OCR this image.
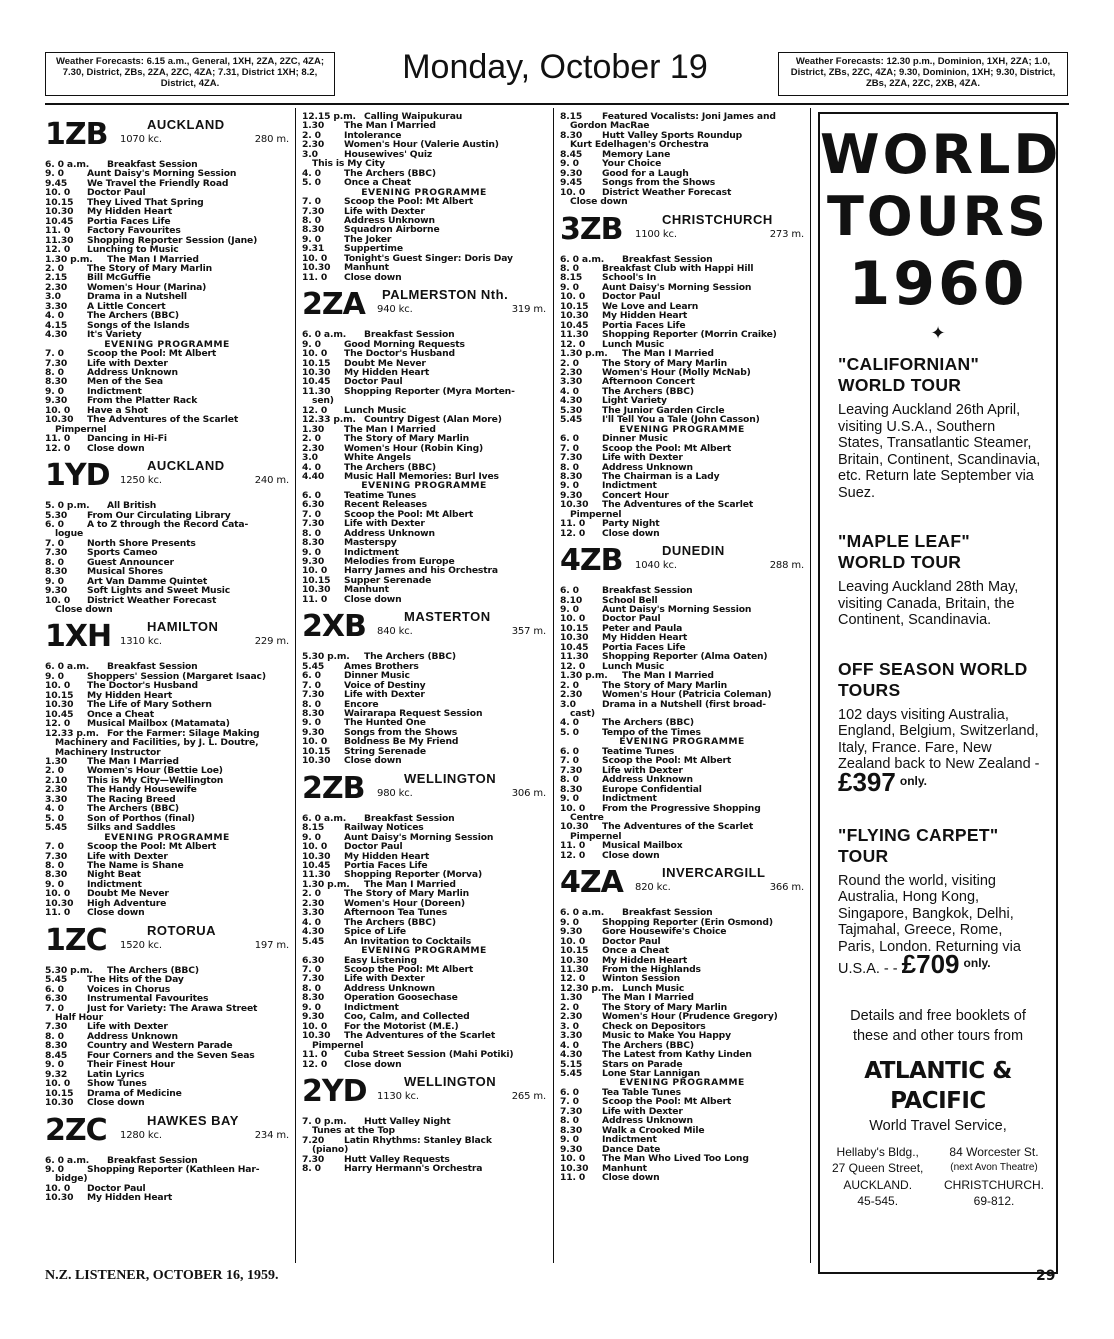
Weather Forecasts: 6.15 a.m., General, 1XH, 2ZA, 2ZC, 4ZA; 7.30, District, ZBs, 2ZA, 2ZC, 4ZA; 7.31, District 1XH; 8.2, District, 4ZA.	Monday, October 19	Weather Forecasts: 12.30 p.m., Dominion, 1XH, 2ZA; 1.0, District, ZBs, 2ZC, 4ZA; 9.30, Dominion, 1XH; 9.30, District, ZBs, 2ZA, 2ZC, 2XB, 4ZA.
1ZB	AUCKLAND
1070 kc.	280 m.
6. 0 a.m.	Breakfast Session
9. 0	Aunt Daisy's Morning Session
9.45	We Travel the Friendly Road
10. 0	Doctor Paul
10.15	They Lived That Spring
10.30	My Hidden Heart
10.45	Portia Faces Life
11. 0	Factory Favourites
11.30	Shopping Reporter Session (Jane)
12. 0	Lunching to Music
1.30 p.m.	The Man I Married
2. 0	The Story of Mary Marlin
2.15	Bill McGuffie
2.30	Women's Hour (Marina)
3.0	Drama in a Nutshell
3.30	A Little Concert
4. 0	The Archers (BBC)
4.15	Songs of the Islands
4.30	It's Variety
EVENING PROGRAMME
7. 0	Scoop the Pool: Mt Albert
7.30	Life with Dexter
8. 0	Address Unknown
8.30	Men of the Sea
9. 0	Indictment
9.30	From the Platter Rack
10. 0	Have a Shot
10.30	The Adventures of the Scarlet
Pimpernel
11. 0	Dancing in Hi-Fi
12. 0	Close down
1YD	AUCKLAND
1250 kc.	240 m.
5. 0 p.m.	All British
5.30	From Our Circulating Library
6. 0	A to Z through the Record Cata-
logue
7. 0	North Shore Presents
7.30	Sports Cameo
8. 0	Guest Announcer
8.30	Musical Shores
9. 0	Art Van Damme Quintet
9.30	Soft Lights and Sweet Music
10. 0	District Weather Forecast
Close down
1XH	HAMILTON
1310 kc.	229 m.
6. 0 a.m.	Breakfast Session
9. 0	Shoppers' Session (Margaret Isaac)
10. 0	The Doctor's Husband
10.15	My Hidden Heart
10.30	The Life of Mary Sothern
10.45	Once a Cheat
12. 0	Musical Mailbox (Matamata)
12.33 p.m. For the Farmer: Silage Making
Machinery and Facilities, by J. L. Doutre,
Machinery Instructor
1.30	The Man I Married
2. 0	Women's Hour (Bettie Loe)
2.10	This is My City—Wellington
2.30	The Handy Housewife
3.30	The Racing Breed
4. 0	The Archers (BBC)
5. 0	Son of Porthos (final)
5.45	Silks and Saddles
EVENING PROGRAMME
7. 0	Scoop the Pool: Mt Albert
7.30	Life with Dexter
8. 0	The Name is Shane
8.30	Night Beat
9. 0	Indictment
10. 0	Doubt Me Never
10.30	High Adventure
11. 0	Close down
1ZC	ROTORUA
1520 kc.	197 m.
5.30 p.m.	The Archers (BBC)
5.45	The Hits of the Day
6. 0	Voices in Chorus
6.30	Instrumental Favourites
7. 0	Just for Variety: The Arawa Street
Half Hour
7.30	Life with Dexter
8. 0	Address Unknown
8.30	Country and Western Parade
8.45	Four Corners and the Seven Seas
9. 0	Their Finest Hour
9.32	Latin Lyrics
10. 0	Show Tunes
10.15	Drama of Medicine
10.30	Close down
2ZC	HAWKES BAY
1280 kc.	234 m.
6. 0 a.m.	Breakfast Session
9. 0	Shopping Reporter (Kathleen Har-
bidge)
10. 0	Doctor Paul
10.30	My Hidden Heart
12.15 p.m. Calling Waipukurau
1.30	The Man I Married
2. 0	Intolerance
2.30	Women's Hour (Valerie Austin)
3.0	Housewives' Quiz
This is My City
4. 0	The Archers (BBC)
5. 0	Once a Cheat
EVENING PROGRAMME
7. 0	Scoop the Pool: Mt Albert
7.30	Life with Dexter
8. 0	Address Unknown
8.30	Squadron Airborne
9. 0	The Joker
9.31	Suppertime
10. 0	Tonight's Guest Singer: Doris Day
10.30	Manhunt
11. 0	Close down
2ZA PALMERSTON Nth.
940 kc.	319 m.
6. 0 a.m.	Breakfast Session
9. 0	Good Morning Requests
10. 0	The Doctor's Husband
10.15	Doubt Me Never
10.30	My Hidden Heart
10.45	Doctor Paul
11.30	Shopping Reporter (Myra Morten-
sen)
12. 0	Lunch Music
12.33 p.m. Country Digest (Alan More)
1.30	The Man I Married
2. 0	The Story of Mary Marlin
2.30	Women's Hour (Robin King)
3.0	White Angels
4. 0	The Archers (BBC)
4.40	Music Hall Memories: Burl Ives
EVENING PROGRAMME
6. 0	Teatime Tunes
6.30	Recent Releases
7. 0	Scoop the Pool: Mt Albert
7.30	Life with Dexter
8. 0	Address Unknown
8.30	Masterspy
9. 0	Indictment
9.30	Melodies from Europe
10. 0	Harry James and his Orchestra
10.15	Supper Serenade
10.30	Manhunt
11. 0	Close down
2XB	MASTERTON
840 kc.	357 m.
5.30 p.m.	The Archers (BBC)
5.45	Ames Brothers
6. 0	Dinner Music
7. 0	Voice of Destiny
7.30	Life with Dexter
8. 0	Encore
8.30	Wairarapa Request Session
9. 0	The Hunted One
9.30	Songs from the Shows
10. 0	Boldness Be My Friend
10.15	String Serenade
10.30	Close down
2ZB	WELLINGTON
980 kc.	306 m.
6. 0 a.m.	Breakfast Session
8.15	Railway Notices
9. 0	Aunt Daisy's Morning Session
10. 0	Doctor Paul
10.30	My Hidden Heart
10.45	Portia Faces Life
11.30	Shopping Reporter (Morva)
1.30 p.m.	The Man I Married
2. 0	The Story of Mary Marlin
2.30	Women's Hour (Doreen)
3.30	Afternoon Tea Tunes
4. 0	The Archers (BBC)
4.30	Spice of Life
5.45	An Invitation to Cocktails
EVENING PROGRAMME
6.30	Easy Listening
7. 0	Scoop the Pool: Mt Albert
7.30	Life with Dexter
8. 0	Address Unknown
8.30	Operation Goosechase
9. 0	Indictment
9.30	Coo, Calm, and Collected
10. 0	For the Motorist (M.E.)
10.30	The Adventures of the Scarlet
Pimpernel
11. 0	Cuba Street Session (Mahi Potiki)
12. 0	Close down
2YD	WELLINGTON
1130 kc.	265 m.
7. 0 p.m.	Hutt Valley Night
Tunes at the Top
7.20	Latin Rhythms: Stanley Black
(piano)
7.30	Hutt Valley Requests
8. 0	Harry Hermann's Orchestra
8.15	Featured Vocalists: Joni James and
Gordon MacRae
8.30	Hutt Valley Sports Roundup
Kurt Edelhagen's Orchestra
8.45	Memory Lane
9. 0	Your Choice
9.30	Good for a Laugh
9.45	Songs from the Shows
10. 0	District Weather Forecast
Close down
3ZB	CHRISTCHURCH
1100 kc.	273 m.
6. 0 a.m.	Breakfast Session
8. 0	Breakfast Club with Happi Hill
8.15	School's In
9. 0	Aunt Daisy's Morning Session
10. 0	Doctor Paul
10.15	We Love and Learn
10.30	My Hidden Heart
10.45	Portia Faces Life
11.30	Shopping Reporter (Morrin Craike)
12. 0	Lunch Music
1.30 p.m.	The Man I Married
2. 0	The Story of Mary Marlin
2.30	Women's Hour (Molly McNab)
3.30	Afternoon Concert
4. 0	The Archers (BBC)
4.30	Light Variety
5.30	The Junior Garden Circle
5.45	I'll Tell You a Tale (John Casson)
EVENING PROGRAMME
6. 0	Dinner Music
7. 0	Scoop the Pool: Mt Albert
7.30	Life with Dexter
8. 0	Address Unknown
8.30	The Chairman is a Lady
9. 0	Indictment
9.30	Concert Hour
10.30	The Adventures of the Scarlet
Pimpernel
11. 0	Party Night
12. 0	Close down
4ZB	DUNEDIN
1040 kc.	288 m.
6. 0	Breakfast Session
8.10	School Bell
9. 0	Aunt Daisy's Morning Session
10. 0	Doctor Paul
10.15	Peter and Paula
10.30	My Hidden Heart
10.45	Portia Faces Life
11.30	Shopping Reporter (Alma Oaten)
12. 0	Lunch Music
1.30 p.m.	The Man I Married
2. 0	The Story of Mary Marlin
2.30	Women's Hour (Patricia Coleman)
3.0	Drama in a Nutshell (first broad-
cast)
4. 0	The Archers (BBC)
5. 0	Tempo of the Times
EVENING PROGRAMME
6. 0	Teatime Tunes
7. 0	Scoop the Pool: Mt Albert
7.30	Life with Dexter
8. 0	Address Unknown
8.30	Europe Confidential
9. 0	Indictment
10. 0	From the Progressive Shopping
Centre
10.30	The Adventures of the Scarlet
Pimpernel
11. 0	Musical Mailbox
12. 0	Close down
4ZA	INVERCARGILL
820 kc.	366 m.
6. 0 a.m.	Breakfast Session
9. 0	Shopping Reporter (Erin Osmond)
9.30	Gore Housewife's Choice
10. 0	Doctor Paul
10.15	Once a Cheat
10.30	My Hidden Heart
11.30	From the Highlands
12. 0	Winton Session
12.30 p.m. Lunch Music
1.30	The Man I Married
2. 0	The Story of Mary Marlin
2.30	Women's Hour (Prudence Gregory)
3. 0	Check on Depositors
3.30	Music to Make You Happy
4. 0	The Archers (BBC)
4.30	The Latest from Kathy Linden
5.15	Stars on Parade
5.45	Lone Star Lannigan
EVENING PROGRAMME
6. 0	Tea Table Tunes
7. 0	Scoop the Pool: Mt Albert
7.30	Life with Dexter
8. 0	Address Unknown
8.30	Walk a Crooked Mile
9. 0	Indictment
9.30	Dance Date
10. 0	The Man Who Lived Too Long
10.30	Manhunt
11. 0	Close down
WORLD
TOURS
1960
✦
"CALIFORNIAN" WORLD TOUR
Leaving Auckland 26th April, visiting U.S.A., Southern States, Transatlantic Steamer, Britain, Continent, Scandinavia, etc. Return late September via Suez.
"MAPLE LEAF" WORLD TOUR
Leaving Auckland 28th May, visiting Canada, Britain, the Continent, Scandinavia.
OFF SEASON WORLD TOURS
102 days visiting Australia, England, Belgium, Switzerland, Italy, France. Fare, New Zealand back to New Zealand - £397 $^{only.}$
"FLYING CARPET" TOUR
Round the world, visiting Australia, Hong Kong, Singapore, Bangkok, Delhi, Tajmahal, Greece, Rome, Paris, London. Returning via U.S.A. - - £709 $^{only.}$
Details and free booklets of these and other tours from
ATLANTIC & PACIFIC
World Travel Service,
Hellaby's Bldg.,
27 Queen Street,
AUCKLAND.
45-545.
84 Worcester St.
(next Avon Theatre)
CHRISTCHURCH.
69-812.
N.Z. LISTENER, OCTOBER 16, 1959.	29
